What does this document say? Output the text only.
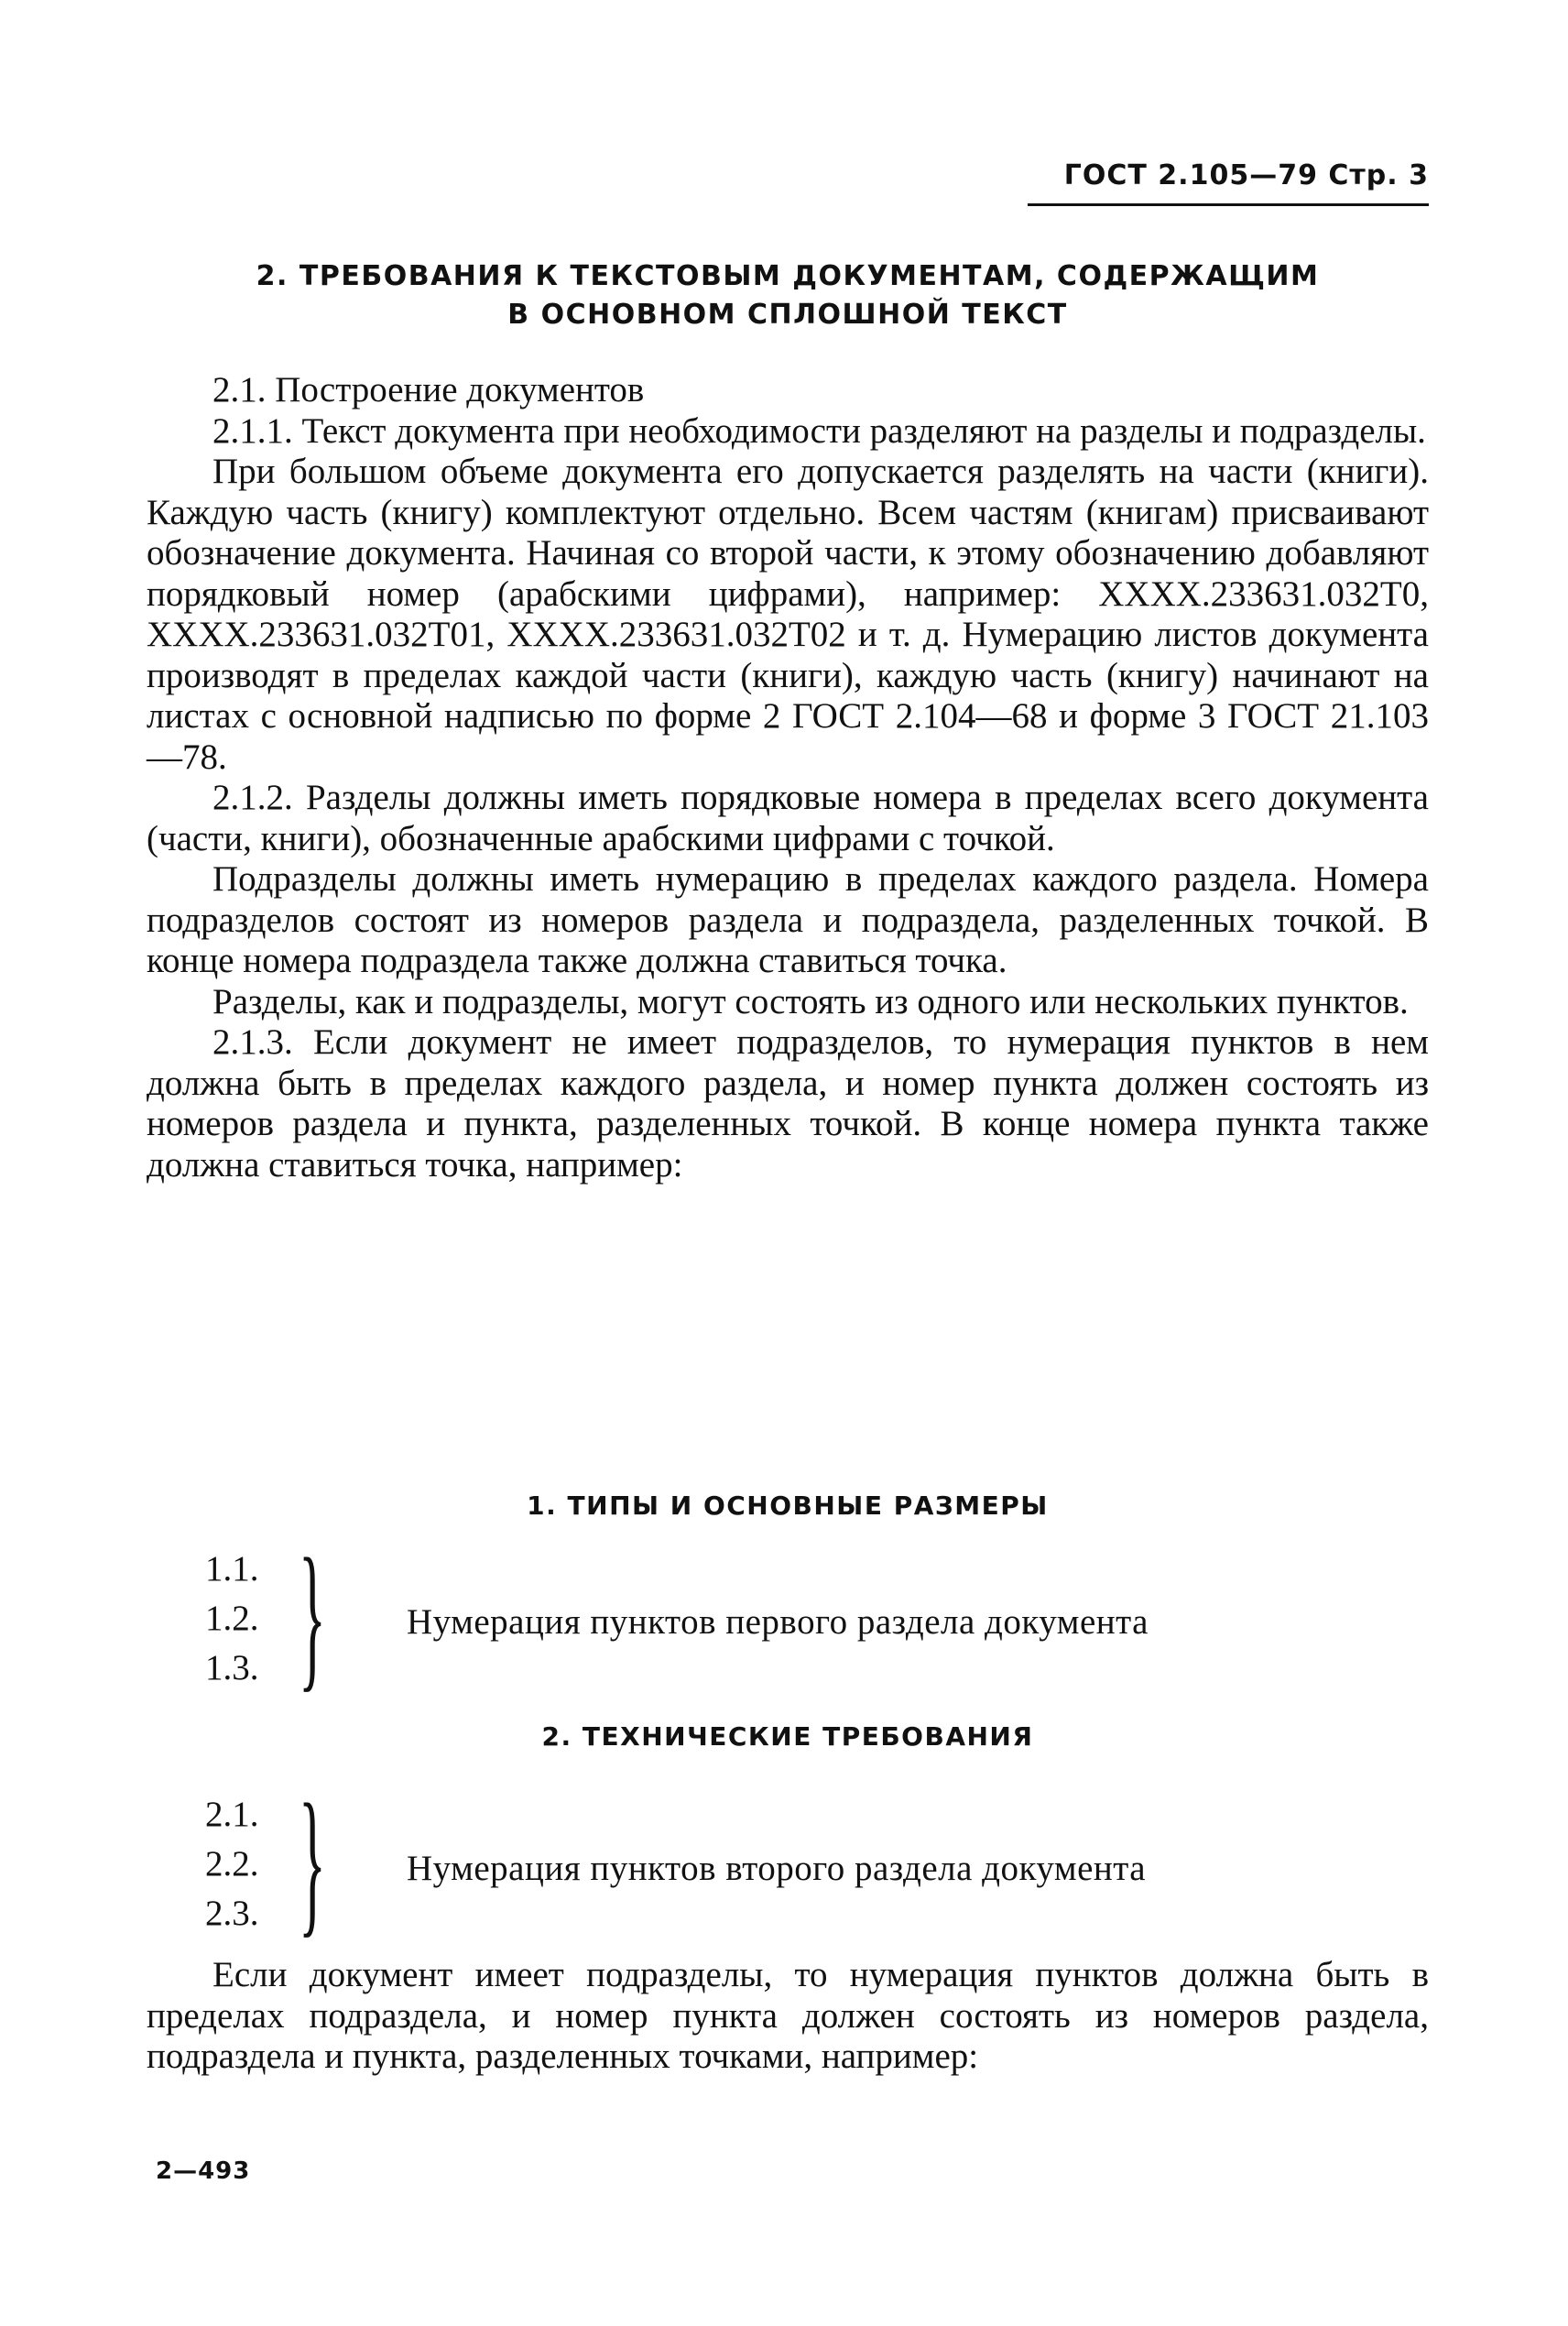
ГОСТ 2.105—79 Стр. 3
2. ТРЕБОВАНИЯ К ТЕКСТОВЫМ ДОКУМЕНТАМ, СОДЕРЖАЩИМ
В ОСНОВНОМ СПЛОШНОЙ ТЕКСТ

2.1. Построение документов

2.1.1. Текст документа при необходимости разделяют на разделы и подразделы.

При большом объеме документа его допускается разделять на части (книги). Каждую часть (книгу) комплектуют отдельно. Всем частям (книгам) присваивают обозначение документа. Начиная со второй части, к этому обозначению добавляют порядковый номер (арабскими цифрами), например: ХХХХ.233631.032Т0, ХХХХ.233631.032Т01, ХХХХ.233631.032Т02 и т. д. Нумерацию листов документа производят в пределах каждой части (книги), каждую часть (книгу) начинают на листах с основной надписью по форме 2 ГОСТ 2.104—68 и форме 3 ГОСТ 21.103—78.

2.1.2. Разделы должны иметь порядковые номера в пределах всего документа (части, книги), обозначенные арабскими цифрами с точкой.

Подразделы должны иметь нумерацию в пределах каждого раздела. Номера подразделов состоят из номеров раздела и подраздела, разделенных точкой. В конце номера подраздела также должна ставиться точка.

Разделы, как и подразделы, могут состоять из одного или нескольких пунктов.

2.1.3. Если документ не имеет подразделов, то нумерация пунктов в нем должна быть в пределах каждого раздела, и номер пункта должен состоять из номеров раздела и пункта, разделенных точкой. В конце номера пункта также должна ставиться точка, например:

1. ТИПЫ И ОСНОВНЫЕ РАЗМЕРЫ
1.1.
1.2.
1.3. } Нумерация пунктов первого раздела документа
2. ТЕХНИЧЕСКИЕ ТРЕБОВАНИЯ
2.1.
2.2.
2.3. } Нумерация пунктов второго раздела документа

Если документ имеет подразделы, то нумерация пунктов должна быть в пределах подраздела, и номер пункта должен состоять из номеров раздела, подраздела и пункта, разделенных точками, например:

2—493
